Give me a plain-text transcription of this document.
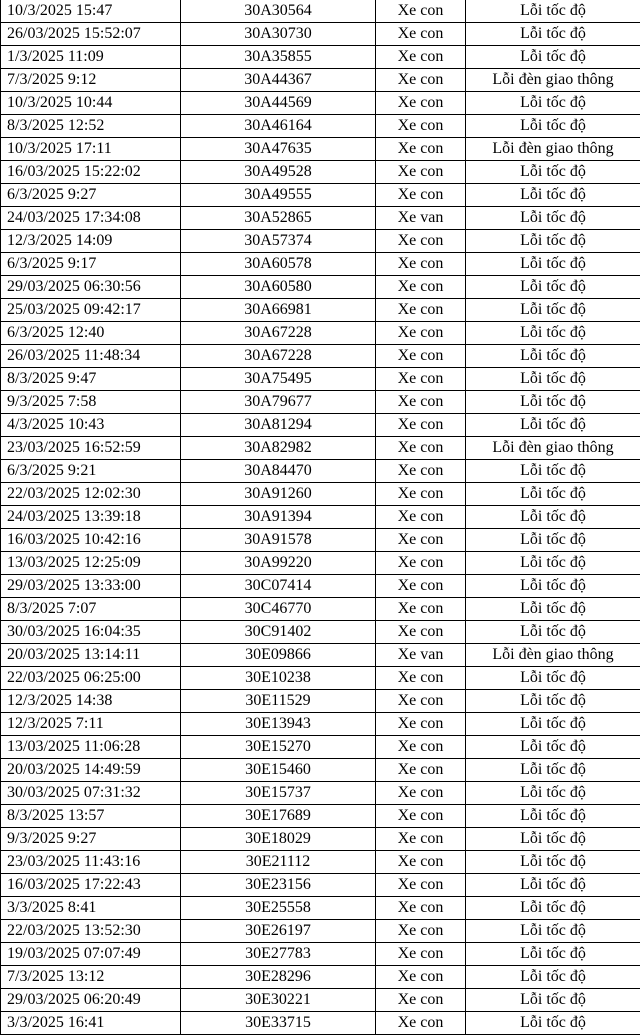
10/3/2025 15:47	30A30564	Xe con	Lỗi tốc độ
26/03/2025 15:52:07	30A30730	Xe con	Lỗi tốc độ
1/3/2025 11:09	30A35855	Xe con	Lỗi tốc độ
7/3/2025 9:12	30A44367	Xe con	Lỗi đèn giao thông
10/3/2025 10:44	30A44569	Xe con	Lỗi tốc độ
8/3/2025 12:52	30A46164	Xe con	Lỗi tốc độ
10/3/2025 17:11	30A47635	Xe con	Lỗi đèn giao thông
16/03/2025 15:22:02	30A49528	Xe con	Lỗi tốc độ
6/3/2025 9:27	30A49555	Xe con	Lỗi tốc độ
24/03/2025 17:34:08	30A52865	Xe van	Lỗi tốc độ
12/3/2025 14:09	30A57374	Xe con	Lỗi tốc độ
6/3/2025 9:17	30A60578	Xe con	Lỗi tốc độ
29/03/2025 06:30:56	30A60580	Xe con	Lỗi tốc độ
25/03/2025 09:42:17	30A66981	Xe con	Lỗi tốc độ
6/3/2025 12:40	30A67228	Xe con	Lỗi tốc độ
26/03/2025 11:48:34	30A67228	Xe con	Lỗi tốc độ
8/3/2025 9:47	30A75495	Xe con	Lỗi tốc độ
9/3/2025 7:58	30A79677	Xe con	Lỗi tốc độ
4/3/2025 10:43	30A81294	Xe con	Lỗi tốc độ
23/03/2025 16:52:59	30A82982	Xe con	Lỗi đèn giao thông
6/3/2025 9:21	30A84470	Xe con	Lỗi tốc độ
22/03/2025 12:02:30	30A91260	Xe con	Lỗi tốc độ
24/03/2025 13:39:18	30A91394	Xe con	Lỗi tốc độ
16/03/2025 10:42:16	30A91578	Xe con	Lỗi tốc độ
13/03/2025 12:25:09	30A99220	Xe con	Lỗi tốc độ
29/03/2025 13:33:00	30C07414	Xe con	Lỗi tốc độ
8/3/2025 7:07	30C46770	Xe con	Lỗi tốc độ
30/03/2025 16:04:35	30C91402	Xe con	Lỗi tốc độ
20/03/2025 13:14:11	30E09866	Xe van	Lỗi đèn giao thông
22/03/2025 06:25:00	30E10238	Xe con	Lỗi tốc độ
12/3/2025 14:38	30E11529	Xe con	Lỗi tốc độ
12/3/2025 7:11	30E13943	Xe con	Lỗi tốc độ
13/03/2025 11:06:28	30E15270	Xe con	Lỗi tốc độ
20/03/2025 14:49:59	30E15460	Xe con	Lỗi tốc độ
30/03/2025 07:31:32	30E15737	Xe con	Lỗi tốc độ
8/3/2025 13:57	30E17689	Xe con	Lỗi tốc độ
9/3/2025 9:27	30E18029	Xe con	Lỗi tốc độ
23/03/2025 11:43:16	30E21112	Xe con	Lỗi tốc độ
16/03/2025 17:22:43	30E23156	Xe con	Lỗi tốc độ
3/3/2025 8:41	30E25558	Xe con	Lỗi tốc độ
22/03/2025 13:52:30	30E26197	Xe con	Lỗi tốc độ
19/03/2025 07:07:49	30E27783	Xe con	Lỗi tốc độ
7/3/2025 13:12	30E28296	Xe con	Lỗi tốc độ
29/03/2025 06:20:49	30E30221	Xe con	Lỗi tốc độ
3/3/2025 16:41	30E33715	Xe con	Lỗi tốc độ
